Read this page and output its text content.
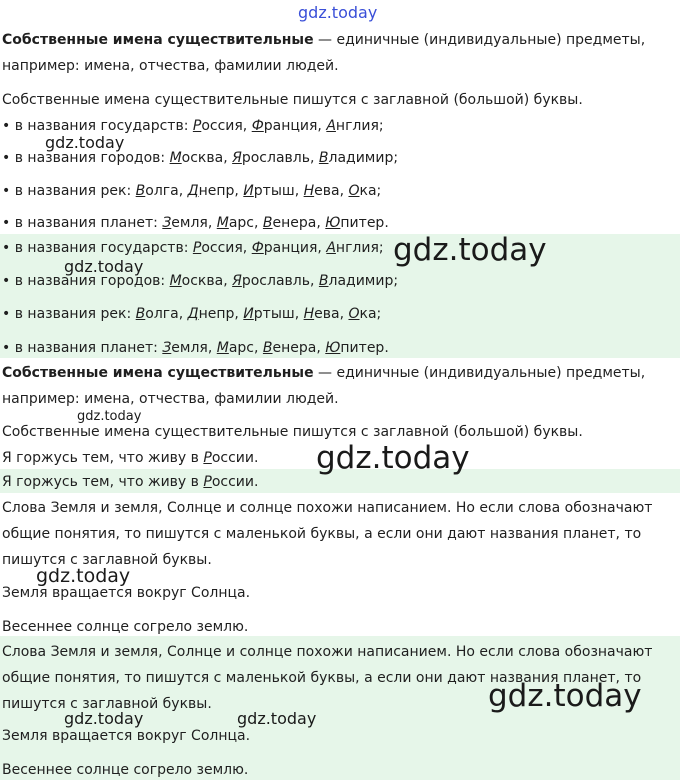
gdz.today
Собственные имена существительные — единичные (индивидуальные) предметы,
например: имена, отчества, фамилии людей.
Собственные имена существительные пишутся с заглавной (большой) буквы.
• в названия государств: Россия, Франция, Англия;
gdz.today
• в названия городов: Москва, Ярославль, Владимир;
• в названия рек: Волга, Днепр, Иртыш, Нева, Ока;
• в названия планет: Земля, Марс, Венера, Юпитер.
• в названия государств: Россия, Франция, Англия; gdz.today
gdz.today
• в названия городов: Москва, Ярославль, Владимир;
• в названия рек: Волга, Днепр, Иртыш, Нева, Ока;
• в названия планет: Земля, Марс, Венера, Юпитер.
Собственные имена существительные — единичные (индивидуальные) предметы,
например: имена, отчества, фамилии людей.
gdz.today
Собственные имена существительные пишутся с заглавной (большой) буквы.
Я горжусь тем, что живу в России.	gdz.today
Я горжусь тем, что живу в России.
Слова Земля и земля, Солнце и солнце похожи написанием. Но если слова обозначают
общие понятия, то пишутся с маленькой буквы, а если они дают названия планет, то
пишутся с заглавной буквы.
gdz.today
Земля вращается вокруг Солнца.
Весеннее солнце согрело землю.
Слова Земля и земля, Солнце и солнце похожи написанием. Но если слова обозначают
общие понятия, то пишутся с маленькой буквы, а если они дают названия планет, то
пишутся с заглавной буквы.	gdz.today
gdz.today	gdz.today
Земля вращается вокруг Солнца.
Весеннее солнце согрело землю.
